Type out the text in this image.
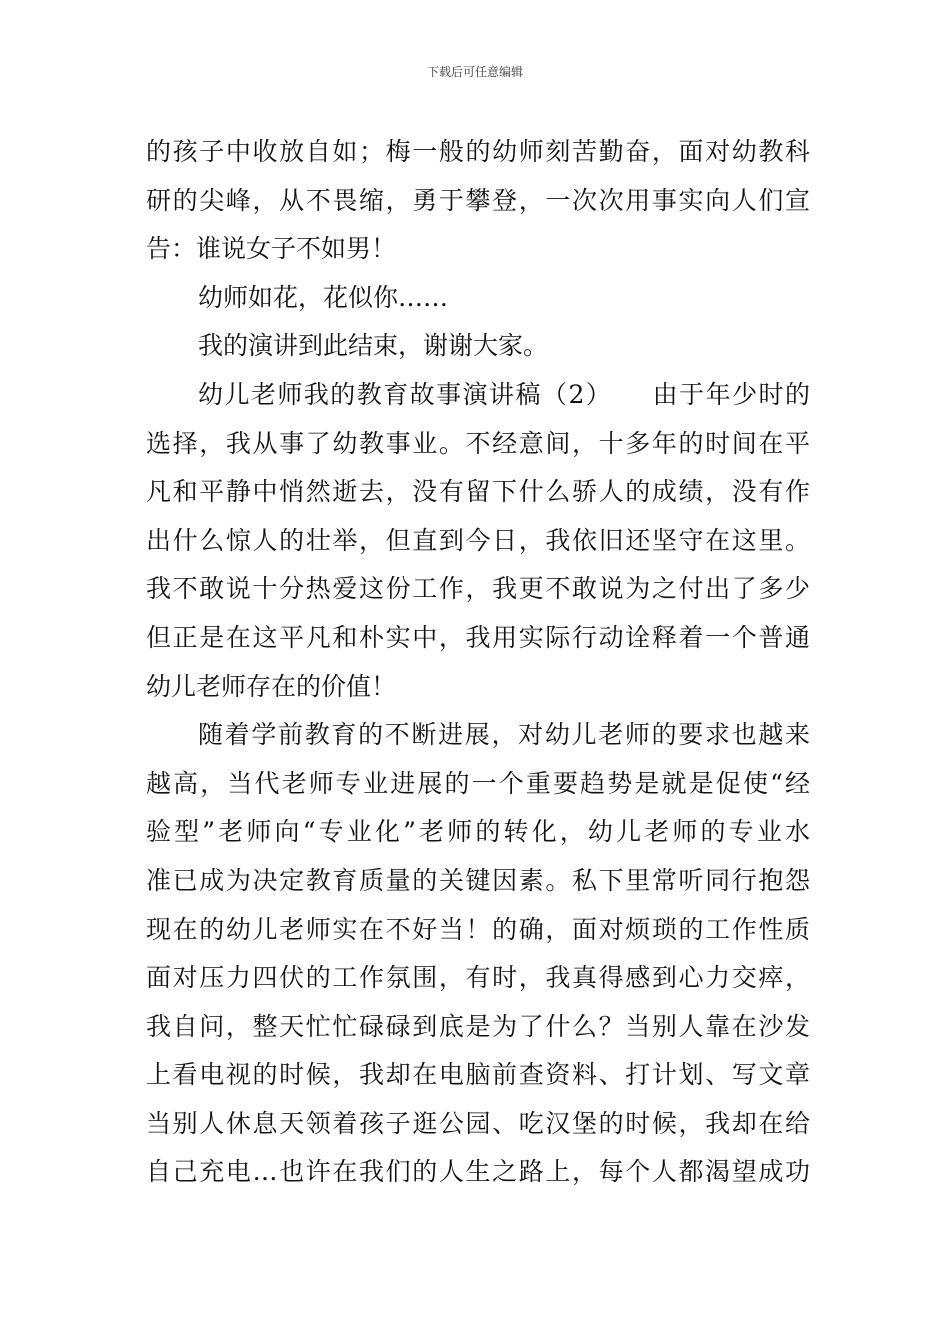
下载后可任意编辑
的孩子中收放自如；梅一般的幼师刻苦勤奋，面对幼教科
研的尖峰，从不畏缩，勇于攀登，一次次用事实向人们宣
告：谁说女子不如男！
幼师如花，花似你……
我的演讲到此结束，谢谢大家。
幼儿老师我的教育故事演讲稿（2）　　由于年少时的
选择，我从事了幼教事业。不经意间，十多年的时间在平
凡和平静中悄然逝去，没有留下什么骄人的成绩，没有作
出什么惊人的壮举，但直到今日，我依旧还坚守在这里。
我不敢说十分热爱这份工作，我更不敢说为之付出了多少
但正是在这平凡和朴实中，我用实际行动诠释着一个普通
幼儿老师存在的价值！
随着学前教育的不断进展，对幼儿老师的要求也越来
越高，当代老师专业进展的一个重要趋势是就是促使“经
验型”老师向“专业化”老师的转化，幼儿老师的专业水
准已成为决定教育质量的关键因素。私下里常听同行抱怨
现在的幼儿老师实在不好当！的确，面对烦琐的工作性质
面对压力四伏的工作氛围，有时，我真得感到心力交瘁，
我自问，整天忙忙碌碌到底是为了什么？当别人靠在沙发
上看电视的时候，我却在电脑前查资料、打计划、写文章
当别人休息天领着孩子逛公园、吃汉堡的时候，我却在给
自己充电…也许在我们的人生之路上，每个人都渴望成功
